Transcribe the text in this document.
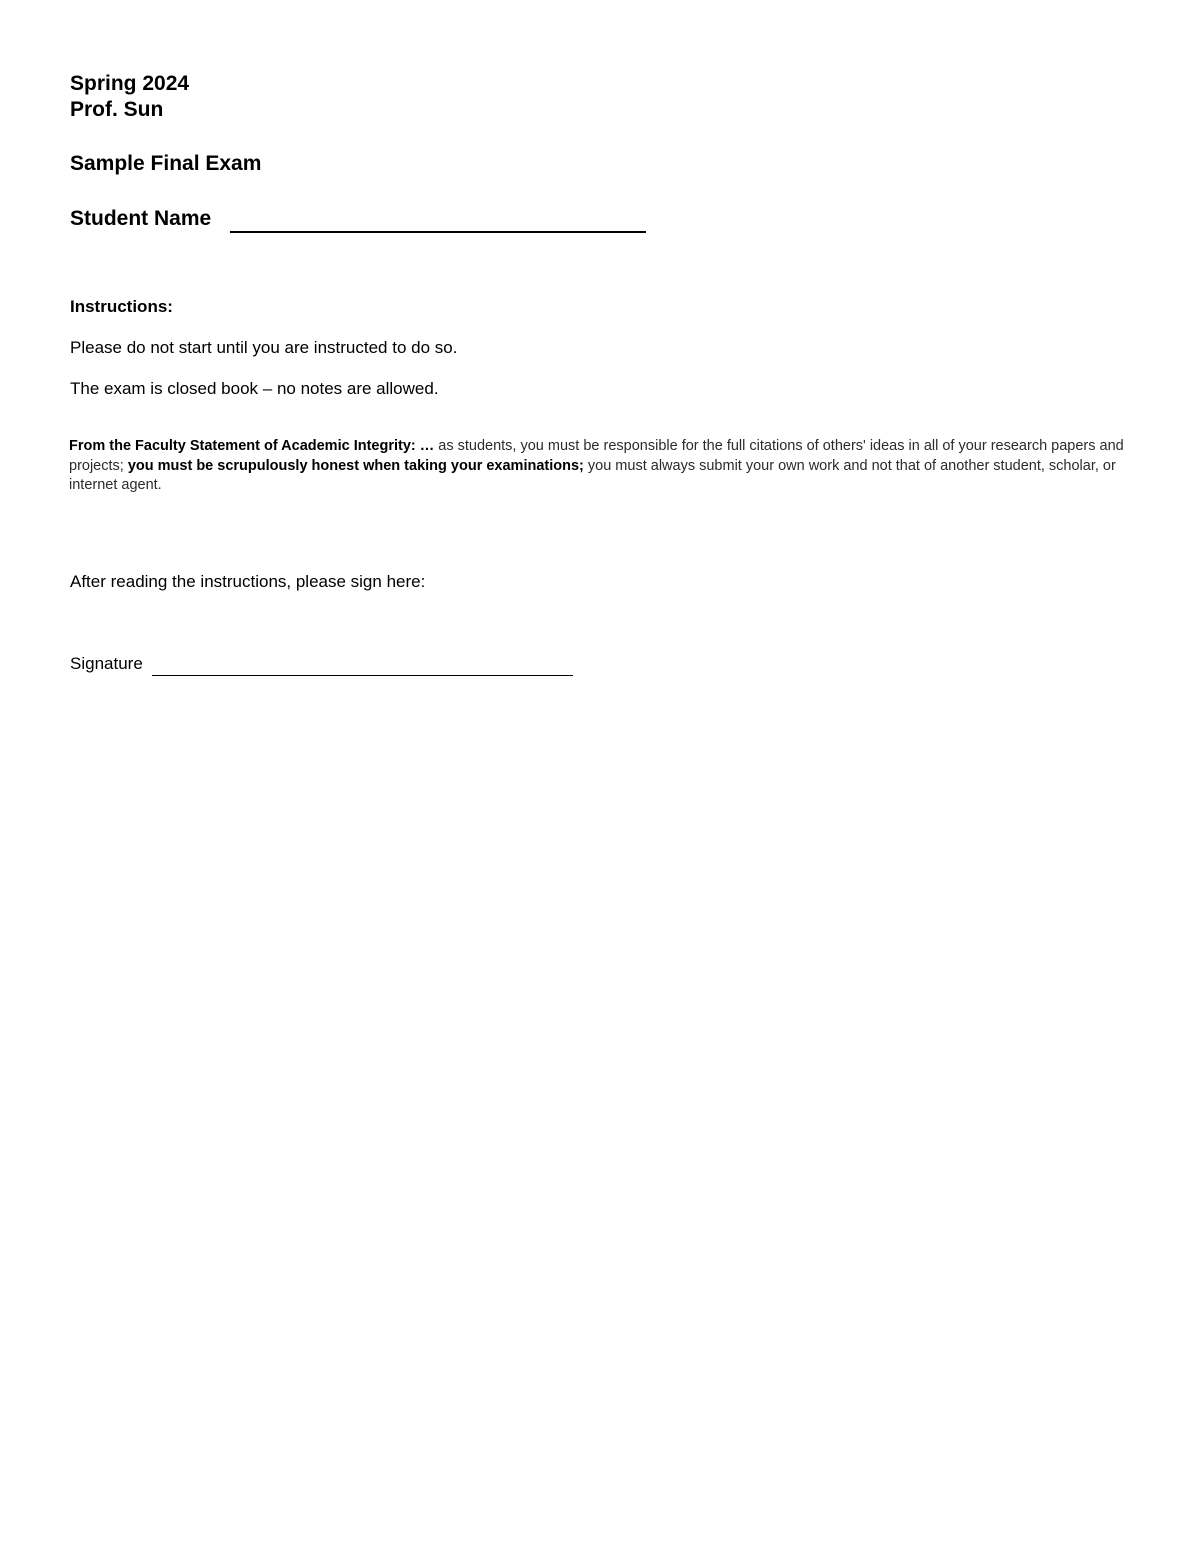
Spring 2024
Prof. Sun
Sample Final Exam
Student Name
Instructions:
Please do not start until you are instructed to do so.
The exam is closed book – no notes are allowed.
From the Faculty Statement of Academic Integrity: … as students, you must be responsible for the full citations of others' ideas in all of your research papers and projects; you must be scrupulously honest when taking your examinations; you must always submit your own work and not that of another student, scholar, or internet agent.
After reading the instructions, please sign here:
Signature
